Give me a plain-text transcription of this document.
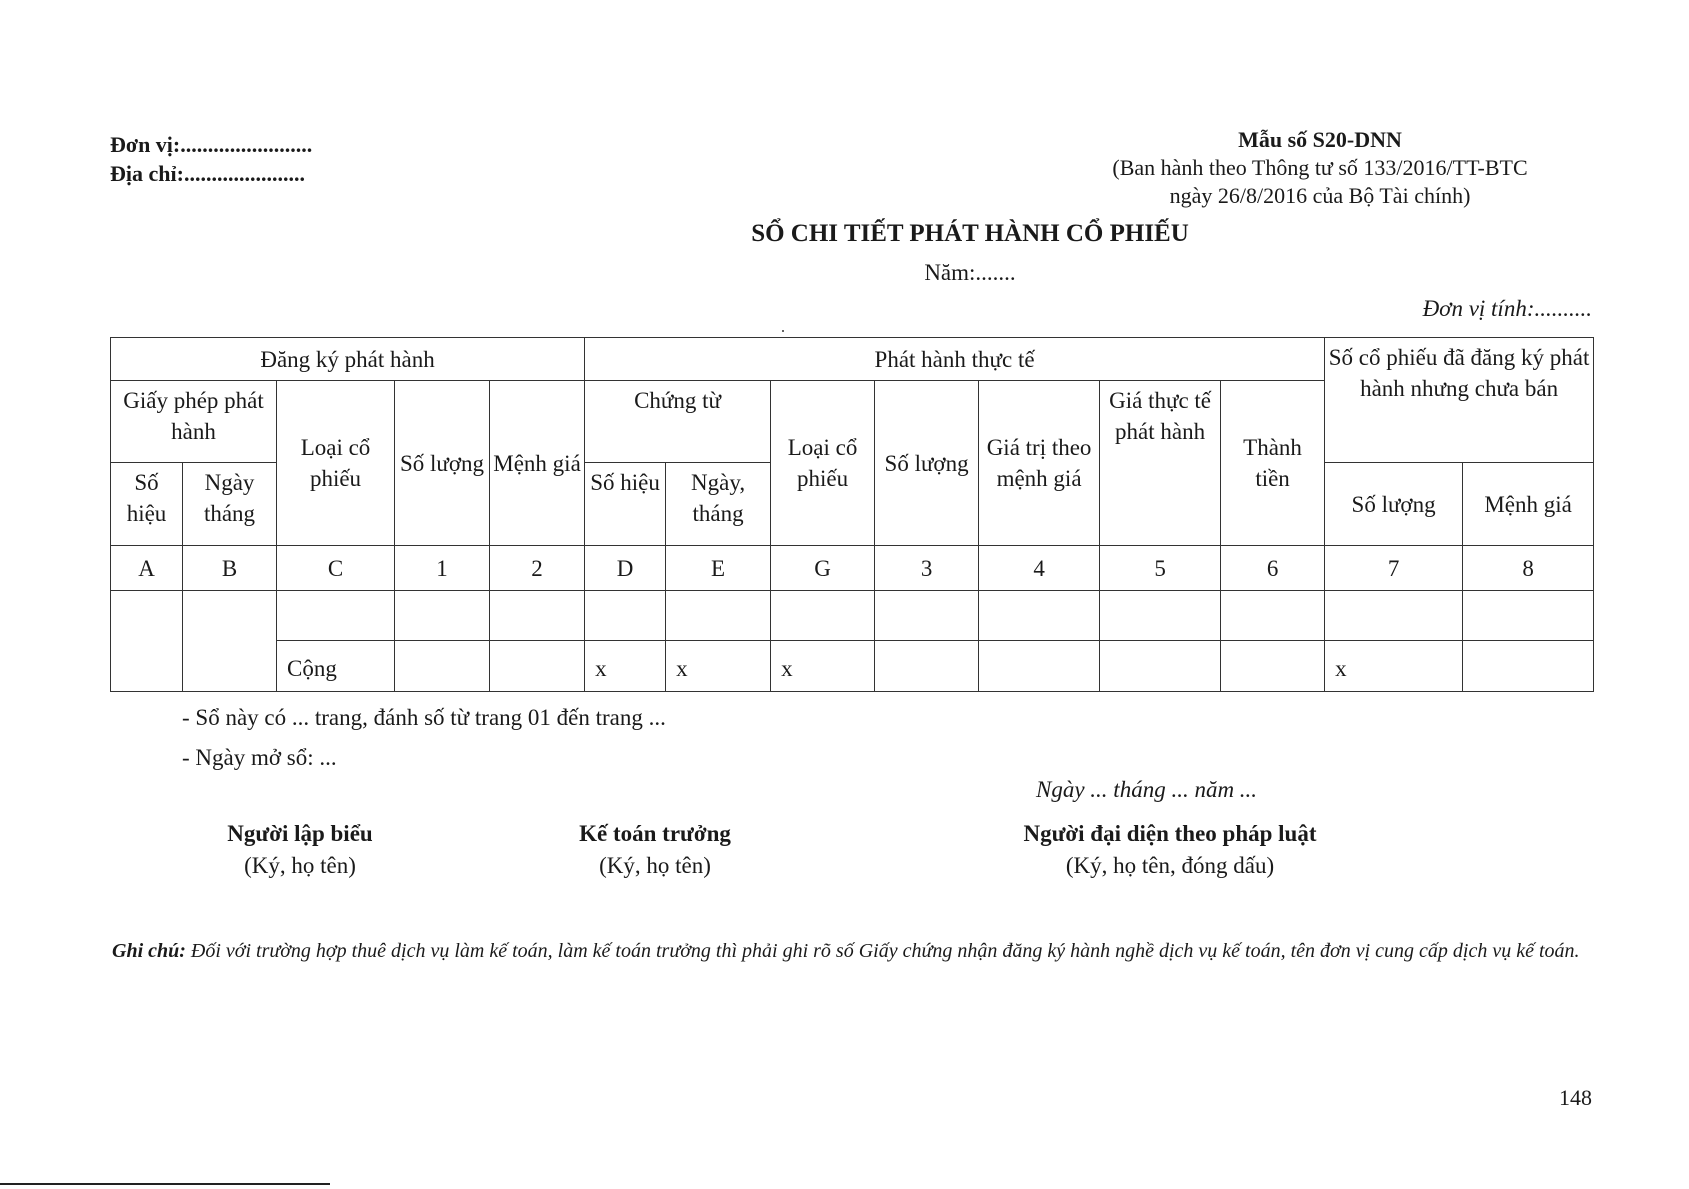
Đơn vị:........................
Địa chỉ:......................
Mẫu số S20-DNN
(Ban hành theo Thông tư số 133/2016/TT-BTC
ngày 26/8/2016 của Bộ Tài chính)
SỔ CHI TIẾT PHÁT HÀNH CỔ PHIẾU
Năm:.......
Đơn vị tính:..........
Đăng ký phát hành					Phát hành thực tế							Số cổ phiếu đã đăng ký phát hành nhưng chưa bán	
Giấy phép phát hành		Loại cổ phiếu	Số lượng	Mệnh giá	Chứng từ		Loại cổ phiếu	Số lượng	Giá trị theo mệnh giá	Giá thực tế phát hành	Thành tiền		
Số hiệu	Ngày tháng				Số hiệu	Ngày, tháng						Số lượng	Mệnh giá
A	B	C	1	2	D	E	G	3	4	5	6	7	8

		Cộng			x	x	x					x	
- Sổ này có ... trang, đánh số từ trang 01 đến trang ...
- Ngày mở sổ: ...
Ngày ... tháng ... năm ...
Người lập biểu
(Ký, họ tên)
Kế toán trưởng
(Ký, họ tên)
Người đại diện theo pháp luật
(Ký, họ tên, đóng dấu)
Ghi chú: Đối với trường hợp thuê dịch vụ làm kế toán, làm kế toán trưởng thì phải ghi rõ số Giấy chứng nhận đăng ký hành nghề dịch vụ kế toán, tên đơn vị cung cấp dịch vụ kế toán.
148
